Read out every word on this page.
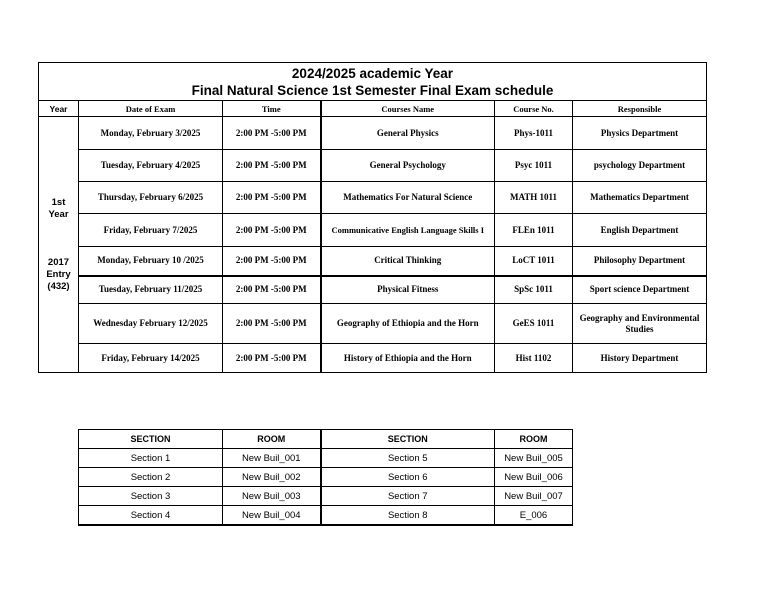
2024/2025 academic Year
Final Natural Science 1st Semester Final Exam schedule					

Year	Date of Exam	Time	Courses Name	Course No.	Responsible

1st
Year
2017
Entry
(432)	Monday, February 3/2025	2:00 PM -5:00 PM	General Physics	Phys-1011	Physics Department
	Tuesday, February 4/2025	2:00 PM -5:00 PM	General Psychology	Psyc 1011	psychology Department
	Thursday, February 6/2025	2:00 PM -5:00 PM	Mathematics For Natural Science	MATH 1011	Mathematics Department
	Friday, February 7/2025	2:00 PM -5:00 PM	Communicative English Language Skills I	FLEn 1011	English Department
	Monday, February 10 /2025	2:00 PM -5:00 PM	Critical Thinking	LoCT 1011	Philosophy Department
	Tuesday, February 11/2025	2:00 PM -5:00 PM	Physical Fitness	SpSc 1011	Sport science Department
	Wednesday February 12/2025	2:00 PM -5:00 PM	Geography of Ethiopia and the Horn	GeES 1011	Geography and Environmental Studies
	Friday, February 14/2025	2:00 PM -5:00 PM	History of Ethiopia and the Horn	Hist 1102	History Department
SECTION	ROOM	SECTION	ROOM
Section 1	New Buil_001	Section 5	New Buil_005
Section 2	New Buil_002	Section 6	New Buil_006
Section 3	New Buil_003	Section 7	New Buil_007
Section 4	New Buil_004	Section 8	E_006
